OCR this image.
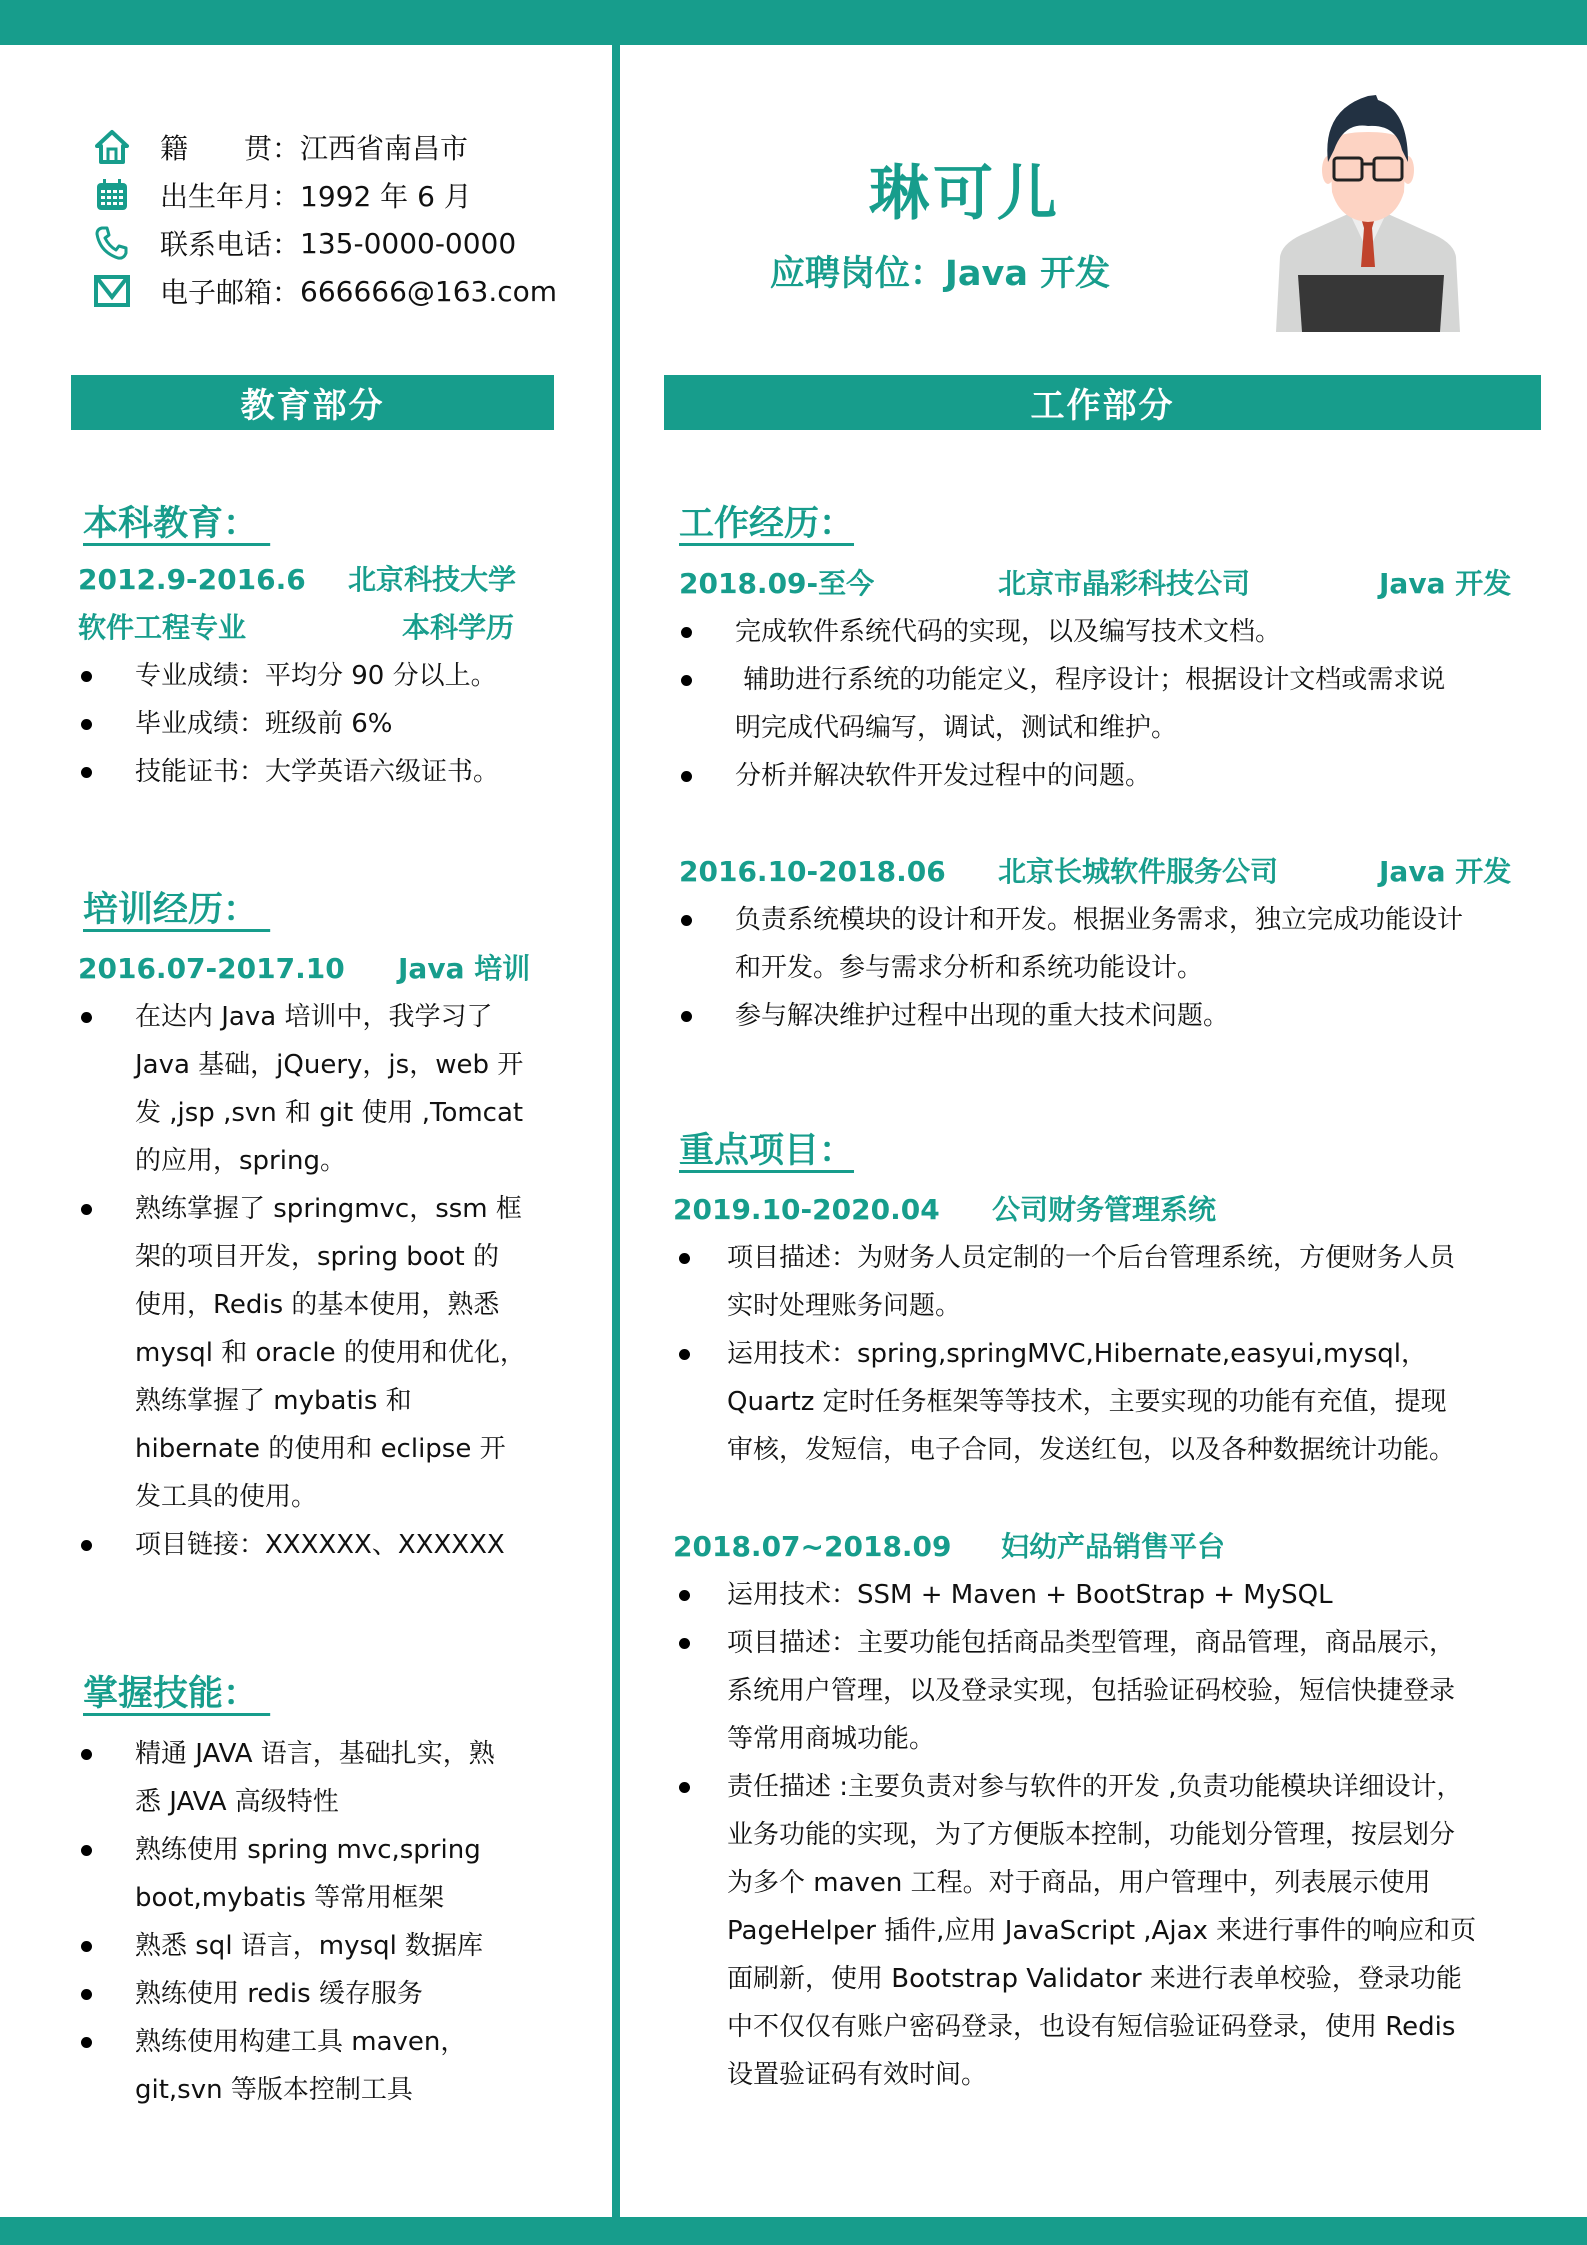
籍　　贯： 江西省南昌市
出生年月： 1992 年 6 月
联系电话： 135-0000-0000
电子邮箱： 666666@163.com
琳可儿
应聘岗位：Java 开发
教育部分	工作部分
本科教育：
2012.9-2016.6 北京科技大学
软件工程专业	本科学历
专业成绩：平均分 90 分以上。
毕业成绩：班级前 6%
技能证书：大学英语六级证书。
培训经历：
2016.07-2017.10 Java 培训
在达内 Java 培训中，我学习了
Java 基础，jQuery，js，web 开
发 ,jsp ,svn 和 git 使用 ,Tomcat
的应用，spring。
熟练掌握了 springmvc，ssm 框
架的项目开发，spring boot 的
使用，Redis 的基本使用，熟悉
mysql 和 oracle 的使用和优化，
熟练掌握了 mybatis 和
hibernate 的使用和 eclipse 开
发工具的使用。
项目链接：XXXXXX、XXXXXX
掌握技能：
精通 JAVA 语言，基础扎实，熟
悉 JAVA 高级特性
熟练使用 spring mvc,spring
boot,mybatis 等常用框架
熟悉 sql 语言，mysql 数据库
熟练使用 redis 缓存服务
熟练使用构建工具 maven，
git,svn 等版本控制工具
工作经历：
2018.09-至今	北京市晶彩科技公司	Java 开发
完成软件系统代码的实现，以及编写技术文档。
辅助进行系统的功能定义，程序设计；根据设计文档或需求说
明完成代码编写，调试，测试和维护。
分析并解决软件开发过程中的问题。
2016.10-2018.06 北京长城软件服务公司	Java 开发
负责系统模块的设计和开发。根据业务需求，独立完成功能设计
和开发。参与需求分析和系统功能设计。
参与解决维护过程中出现的重大技术问题。
重点项目：
2019.10-2020.04 公司财务管理系统
项目描述：为财务人员定制的一个后台管理系统，方便财务人员
实时处理账务问题。
运用技术：spring,springMVC,Hibernate,easyui,mysql，
Quartz 定时任务框架等等技术，主要实现的功能有充值，提现
审核，发短信，电子合同，发送红包，以及各种数据统计功能。
2018.07~2018.09 妇幼产品销售平台
运用技术：SSM + Maven + BootStrap + MySQL
项目描述：主要功能包括商品类型管理，商品管理，商品展示，
系统用户管理，以及登录实现，包括验证码校验，短信快捷登录
等常用商城功能。
责任描述 :主要负责对参与软件的开发 ,负责功能模块详细设计，
业务功能的实现，为了方便版本控制，功能划分管理，按层划分
为多个 maven 工程。对于商品，用户管理中，列表展示使用
PageHelper 插件,应用 JavaScript ,Ajax 来进行事件的响应和页
面刷新，使用 Bootstrap Validator 来进行表单校验，登录功能
中不仅仅有账户密码登录，也设有短信验证码登录，使用 Redis
设置验证码有效时间。
